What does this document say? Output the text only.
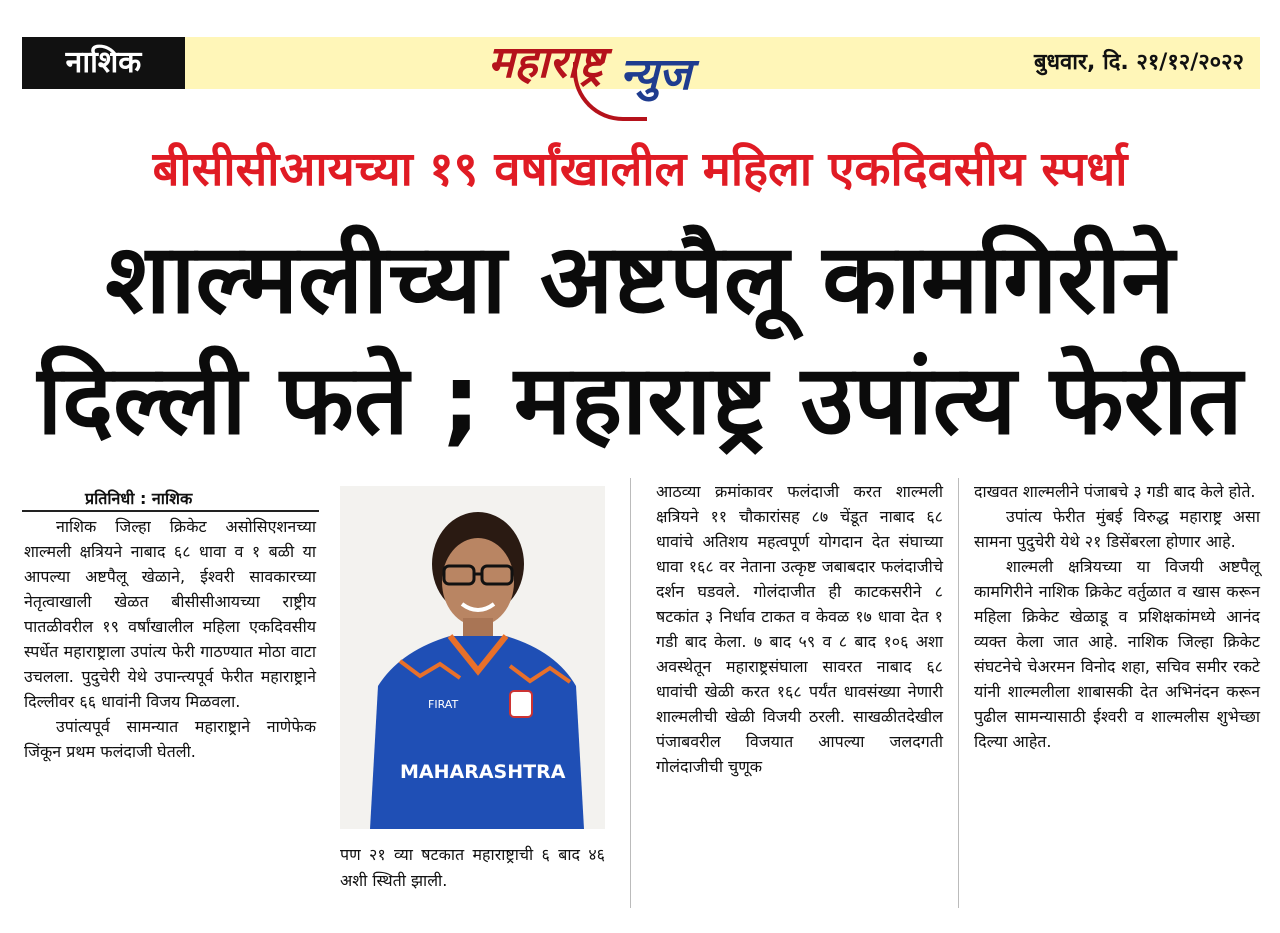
नाशिक	महाराष्ट्र न्युज	बुधवार, दि. २१/१२/२०२२
बीसीसीआयच्या १९ वर्षांखालील महिला एकदिवसीय स्पर्धा
शाल्मलीच्या अष्टपैलू कामगिरीने
दिल्ली फते ; महाराष्ट्र उपांत्य फेरीत
प्रतिनिधी : नाशिक

नाशिक जिल्हा क्रिकेट असोसिएशनच्या शाल्मली क्षत्रियने नाबाद ६८ धावा व १ बळी या आपल्या अष्टपैलू खेळाने, ईश्वरी सावकारच्या नेतृत्वाखाली खेळत बीसीसीआयच्या राष्ट्रीय पातळीवरील १९ वर्षांखालील महिला एकदिवसीय स्पर्धेत महाराष्ट्राला उपांत्य फेरी गाठण्यात मोठा वाटा उचलला. पुदुचेरी येथे उपान्त्यपूर्व फेरीत महाराष्ट्राने दिल्लीवर ६६ धावांनी विजय मिळवला.

उपांत्यपूर्व सामन्यात महाराष्ट्राने नाणेफेक जिंकून प्रथम फलंदाजी घेतली.

FIRAT
MAHARASHTRA
पण २१ व्या षटकात महाराष्ट्राची ६ बाद ४६ अशी स्थिती झाली.

आठव्या क्रमांकावर फलंदाजी करत शाल्मली क्षत्रियने ११ चौकारांसह ८७ चेंडूत नाबाद ६८ धावांचे अतिशय महत्वपूर्ण योगदान देत संघाच्या धावा १६८ वर नेताना उत्कृष्ट जबाबदार फलंदाजीचे दर्शन घडवले. गोलंदाजीत ही काटकसरीने ८ षटकांत ३ निर्धाव टाकत व केवळ १७ धावा देत १ गडी बाद केला. ७ बाद ५९ व ८ बाद १०६ अशा अवस्थेतून महाराष्ट्रसंघाला सावरत नाबाद ६८ धावांची खेळी करत १६८ पर्यंत धावसंख्या नेणारी शाल्मलीची खेळी विजयी ठरली. साखळीतदेखील पंजाबवरील विजयात आपल्या जलदगती गोलंदाजीची चुणूक

दाखवत शाल्मलीने पंजाबचे ३ गडी बाद केले होते.

उपांत्य फेरीत मुंबई विरुद्ध महाराष्ट्र असा सामना पुदुचेरी येथे २१ डिसेंबरला होणार आहे.

शाल्मली क्षत्रियच्या या विजयी अष्टपैलू कामगिरीने नाशिक क्रिकेट वर्तुळात व खास करून महिला क्रिकेट खेळाडू व प्रशिक्षकांमध्ये आनंद व्यक्त केला जात आहे. नाशिक जिल्हा क्रिकेट संघटनेचे चेअरमन विनोद शहा, सचिव समीर रकटे यांनी शाल्मलीला शाबासकी देत अभिनंदन करून पुढील सामन्यासाठी ईश्वरी व शाल्मलीस शुभेच्छा दिल्या आहेत.
